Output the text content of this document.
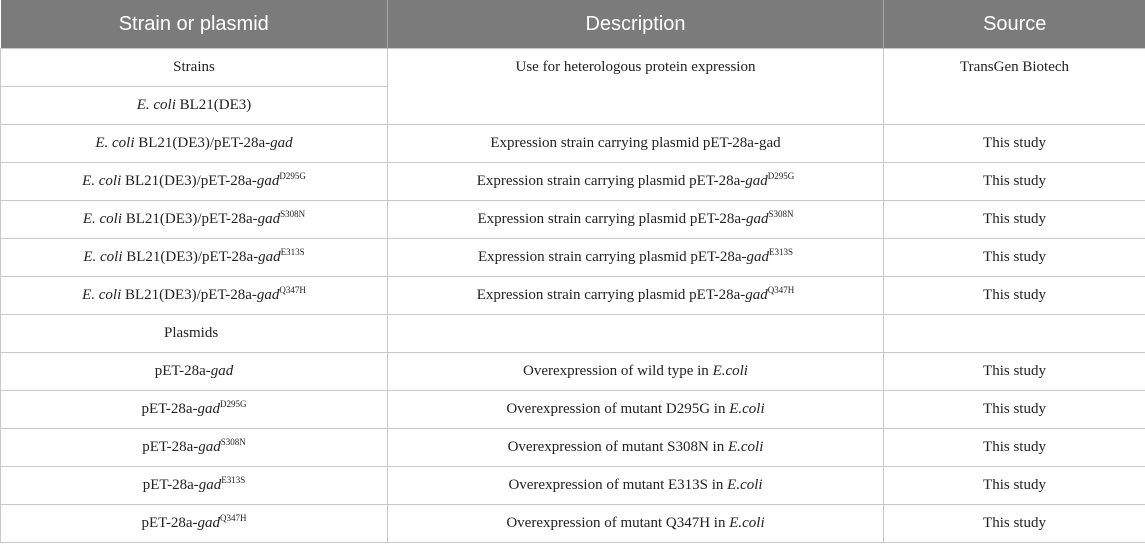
Strain or plasmid	Description	Source
Strains	Use for heterologous protein expression	TransGen Biotech
E. coli BL21(DE3)		
E. coli BL21(DE3)/pET-28a-gad	Expression strain carrying plasmid pET-28a-gad	This study
E. coli BL21(DE3)/pET-28a-gad$^{D295G}$	Expression strain carrying plasmid pET-28a-gad$^{D295G}$	This study
E. coli BL21(DE3)/pET-28a-gad$^{S308N}$	Expression strain carrying plasmid pET-28a-gad$^{S308N}$	This study
E. coli BL21(DE3)/pET-28a-gad$^{E313S}$	Expression strain carrying plasmid pET-28a-gad$^{E313S}$	This study
E. coli BL21(DE3)/pET-28a-gad$^{Q347H}$	Expression strain carrying plasmid pET-28a-gad$^{Q347H}$	This study
Plasmids		
pET-28a-gad	Overexpression of wild type in E.coli	This study
pET-28a-gad$^{D295G}$	Overexpression of mutant D295G in E.coli	This study
pET-28a-gad$^{S308N}$	Overexpression of mutant S308N in E.coli	This study
pET-28a-gad$^{E313S}$	Overexpression of mutant E313S in E.coli	This study
pET-28a-gad$^{Q347H}$	Overexpression of mutant Q347H in E.coli	This study
